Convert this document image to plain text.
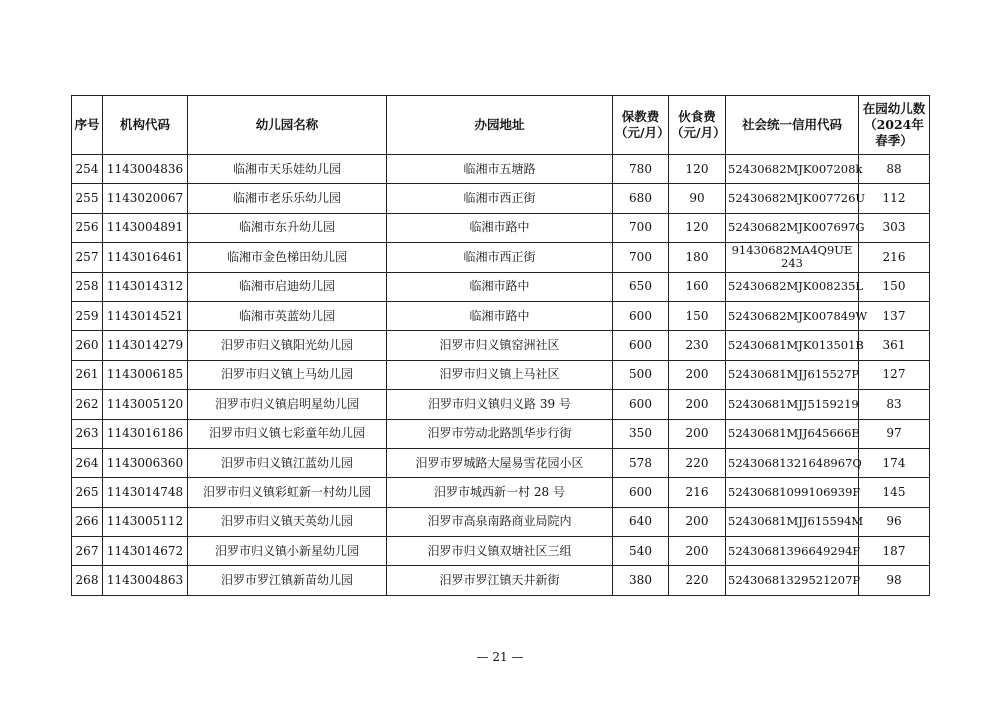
序号	机构代码	幼儿园名称	办园地址	保教费（元/月）	伙食费（元/月）	社会统一信用代码	在园幼儿数（2024年春季）
254	1143004836	临湘市天乐娃幼儿园	临湘市五塘路	780	120	52430682MJK007208k	88
255	1143020067	临湘市老乐乐幼儿园	临湘市西正街	680	90	52430682MJK007726U	112
256	1143004891	临湘市东升幼儿园	临湘市路中	700	120	52430682MJK007697G	303
257	1143016461	临湘市金色梯田幼儿园	临湘市西正街	700	180	91430682MA4Q9UE243	216
258	1143014312	临湘市启迪幼儿园	临湘市路中	650	160	52430682MJK008235L	150
259	1143014521	临湘市英蓝幼儿园	临湘市路中	600	150	52430682MJK007849W	137
260	1143014279	汨罗市归义镇阳光幼儿园	汨罗市归义镇窑洲社区	600	230	52430681MJK013501B	361
261	1143006185	汨罗市归义镇上马幼儿园	汨罗市归义镇上马社区	500	200	52430681MJJ615527P	127
262	1143005120	汨罗市归义镇启明星幼儿园	汨罗市归义镇归义路 39 号	600	200	52430681MJJ5159219	83
263	1143016186	汨罗市归义镇七彩童年幼儿园	汨罗市劳动北路凯华步行街	350	200	52430681MJJ645666E	97
264	1143006360	汨罗市归义镇江蓝幼儿园	汨罗市罗城路大屋易雪花园小区	578	220	52430681321648967Q	174
265	1143014748	汨罗市归义镇彩虹新一村幼儿园	汨罗市城西新一村 28 号	600	216	52430681099106939F	145
266	1143005112	汨罗市归义镇天英幼儿园	汨罗市高泉南路商业局院内	640	200	52430681MJJ615594M	96
267	1143014672	汨罗市归义镇小新星幼儿园	汨罗市归义镇双塘社区三组	540	200	52430681396649294F	187
268	1143004863	汨罗市罗江镇新苗幼儿园	汨罗市罗江镇天井新街	380	220	52430681329521207P	98
— 21 —
